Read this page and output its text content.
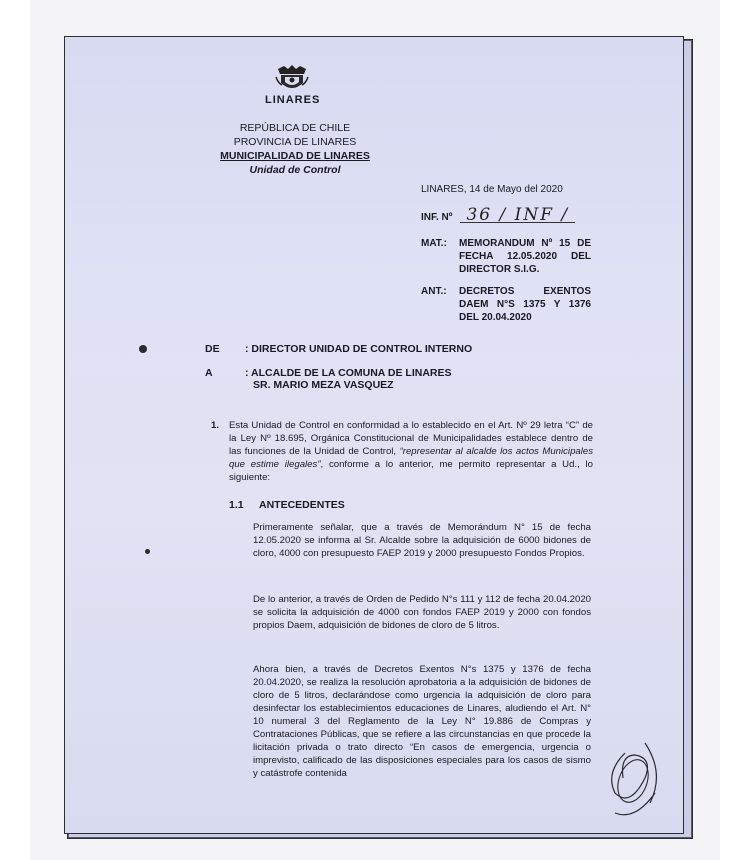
LINARES
REPÚBLICA DE CHILE
PROVINCIA DE LINARES
MUNICIPALIDAD DE LINARES
Unidad de Control
LINARES, 14 de Mayo del 2020
INF. Nº 36 / INF /
MAT.:	MEMORANDUM Nº 15 DE FECHA 12.05.2020 DEL DIRECTOR S.I.G.
ANT.:	DECRETOS EXENTOS DAEM N°S 1375 Y 1376 DEL 20.04.2020
DE	: DIRECTOR UNIDAD DE CONTROL INTERNO
A	: ALCALDE DE LA COMUNA DE LINARES
SR. MARIO MEZA VASQUEZ
1.	Esta Unidad de Control en conformidad a lo establecido en el Art. Nº 29 letra “C” de la Ley Nº 18.695, Orgánica Constitucional de Municipalidades establece dentro de las funciones de la Unidad de Control, “representar al alcalde los actos Municipales que estime ilegales”, conforme a lo anterior, me permito representar a Ud., lo siguiente:
1.1	ANTECEDENTES
Primeramente señalar, que a través de Memorándum N° 15 de fecha 12.05.2020 se informa al Sr. Alcalde sobre la adquisición de 6000 bidones de cloro, 4000 con presupuesto FAEP 2019 y 2000 presupuesto Fondos Propios.
De lo anterior, a través de Orden de Pedido N°s 111 y 112 de fecha 20.04.2020 se solicita la adquisición de 4000 con fondos FAEP 2019 y 2000 con fondos propios Daem, adquisición de bidones de cloro de 5 litros.
Ahora bien, a través de Decretos Exentos N°s 1375 y 1376 de fecha 20.04.2020, se realiza la resolución aprobatoria a la adquisición de bidones de cloro de 5 litros, declarándose como urgencia la adquisición de cloro para desinfectar los establecimientos educaciones de Linares, aludiendo el Art. N° 10 numeral 3 del Reglamento de la Ley N° 19.886 de Compras y Contrataciones Públicas, que se refiere a las circunstancias en que procede la licitación privada o trato directo “En casos de emergencia, urgencia o imprevisto, calificado de las disposiciones especiales para los casos de sismo y catástrofe contenida
